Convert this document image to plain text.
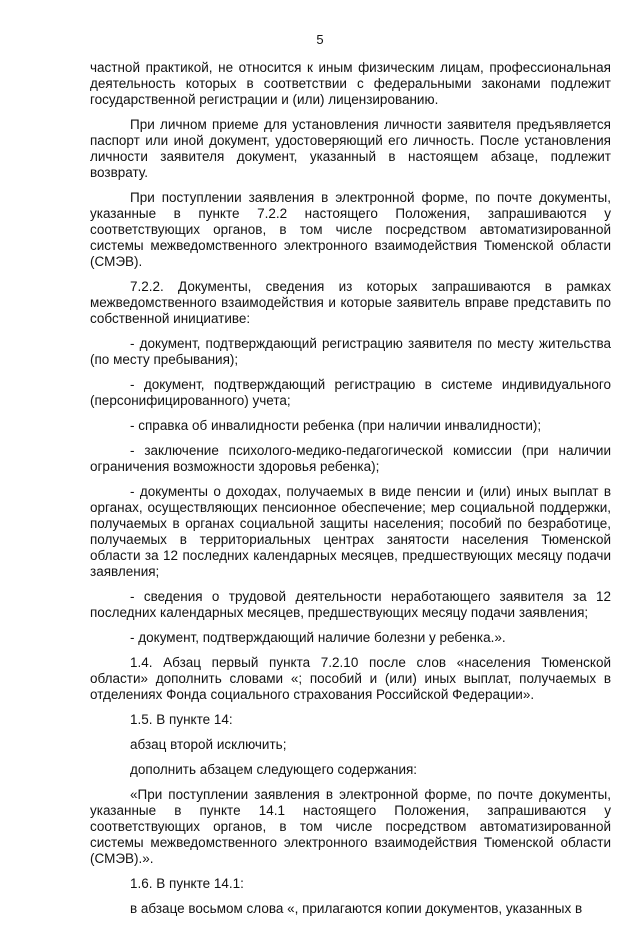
5

частной практикой, не относится к иным физическим лицам, профессиональная деятельность которых в соответствии с федеральными законами подлежит государственной регистрации и (или) лицензированию.

При личном приеме для установления личности заявителя предъявляется паспорт или иной документ, удостоверяющий его личность. После установления личности заявителя документ, указанный в настоящем абзаце, подлежит возврату.

При поступлении заявления в электронной форме, по почте документы, указанные в пункте 7.2.2 настоящего Положения, запрашиваются у соответствующих органов, в том числе посредством автоматизированной системы межведомственного электронного взаимодействия Тюменской области (СМЭВ).

7.2.2. Документы, сведения из которых запрашиваются в рамках межведомственного взаимодействия и которые заявитель вправе представить по собственной инициативе:

- документ, подтверждающий регистрацию заявителя по месту жительства (по месту пребывания);

- документ, подтверждающий регистрацию в системе индивидуального (персонифицированного) учета;

- справка об инвалидности ребенка (при наличии инвалидности);

- заключение психолого-медико-педагогической комиссии (при наличии ограничения возможности здоровья ребенка);

- документы о доходах, получаемых в виде пенсии и (или) иных выплат в органах, осуществляющих пенсионное обеспечение; мер социальной поддержки, получаемых в органах социальной защиты населения; пособий по безработице, получаемых в территориальных центрах занятости населения Тюменской области за 12 последних календарных месяцев, предшествующих месяцу подачи заявления;

- сведения о трудовой деятельности неработающего заявителя за 12 последних календарных месяцев, предшествующих месяцу подачи заявления;

- документ, подтверждающий наличие болезни у ребенка.».

1.4. Абзац первый пункта 7.2.10 после слов «населения Тюменской области» дополнить словами «; пособий и (или) иных выплат, получаемых в отделениях Фонда социального страхования Российской Федерации».

1.5. В пункте 14:

абзац второй исключить;

дополнить абзацем следующего содержания:

«При поступлении заявления в электронной форме, по почте документы, указанные в пункте 14.1 настоящего Положения, запрашиваются у соответствующих органов, в том числе посредством автоматизированной системы межведомственного электронного взаимодействия Тюменской области (СМЭВ).».

1.6. В пункте 14.1:

в абзаце восьмом слова «, прилагаются копии документов, указанных в
